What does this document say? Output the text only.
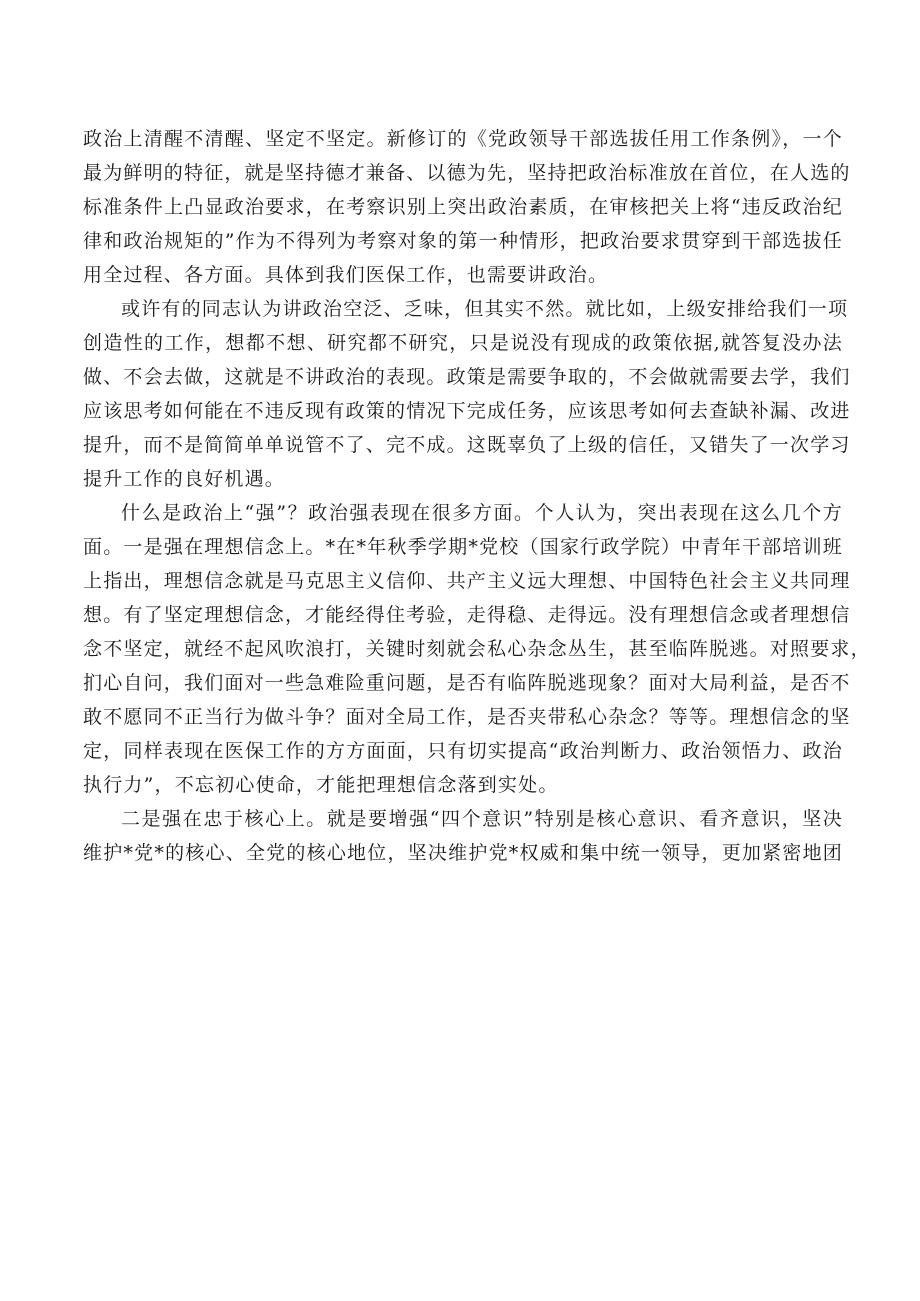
政治上清醒不清醒、坚定不坚定。新修订的《党政领导干部选拔任用工作条例》，一个
最为鲜明的特征，就是坚持德才兼备、以德为先，坚持把政治标准放在首位，在人选的
标准条件上凸显政治要求，在考察识别上突出政治素质，在审核把关上将“违反政治纪
律和政治规矩的”作为不得列为考察对象的第一种情形，把政治要求贯穿到干部选拔任
用全过程、各方面。具体到我们医保工作，也需要讲政治。
或许有的同志认为讲政治空泛、乏味，但其实不然。就比如，上级安排给我们一项
创造性的工作，想都不想、研究都不研究，只是说没有现成的政策依据,就答复没办法
做、不会去做，这就是不讲政治的表现。政策是需要争取的，不会做就需要去学，我们
应该思考如何能在不违反现有政策的情况下完成任务，应该思考如何去查缺补漏、改进
提升，而不是简简单单说管不了、完不成。这既辜负了上级的信任，又错失了一次学习
提升工作的良好机遇。
什么是政治上“强”？政治强表现在很多方面。个人认为，突出表现在这么几个方
面。一是强在理想信念上。*在*年秋季学期*党校（国家行政学院）中青年干部培训班
上指出，理想信念就是马克思主义信仰、共产主义远大理想、中国特色社会主义共同理
想。有了坚定理想信念，才能经得住考验，走得稳、走得远。没有理想信念或者理想信
念不坚定，就经不起风吹浪打，关键时刻就会私心杂念丛生，甚至临阵脱逃。对照要求，
扪心自问，我们面对一些急难险重问题，是否有临阵脱逃现象？面对大局利益，是否不
敢不愿同不正当行为做斗争？面对全局工作，是否夹带私心杂念？等等。理想信念的坚
定，同样表现在医保工作的方方面面，只有切实提高“政治判断力、政治领悟力、政治
执行力”，不忘初心使命，才能把理想信念落到实处。
二是强在忠于核心上。就是要增强“四个意识”特别是核心意识、看齐意识，坚决
维护*党*的核心、全党的核心地位，坚决维护党*权威和集中统一领导，更加紧密地团
